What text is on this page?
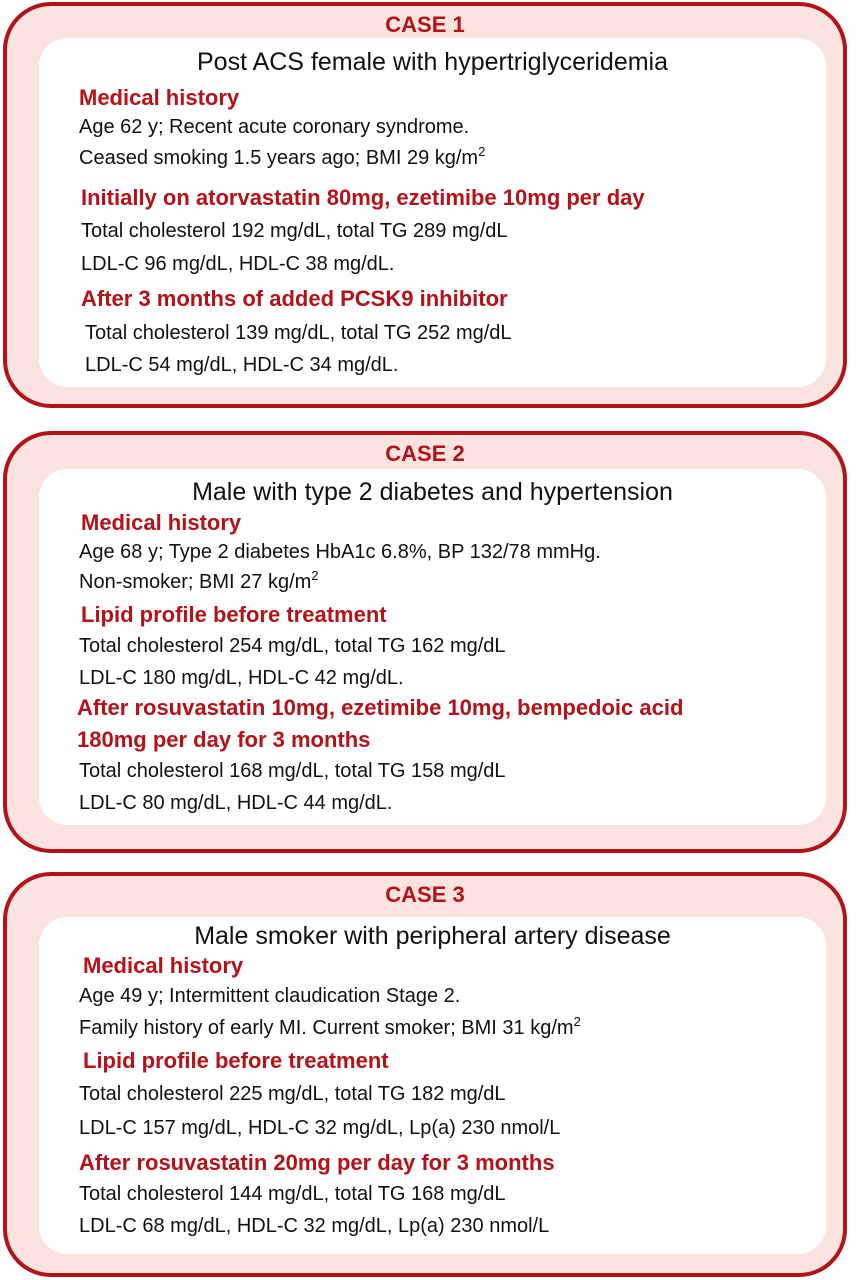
CASE 1
Post ACS female with hypertriglyceridemia
Medical history
Age 62 y; Recent acute coronary syndrome.
Ceased smoking 1.5 years ago; BMI 29 $kg/m^2$
Initially on atorvastatin 80mg, ezetimibe 10mg per day
Total cholesterol 192 mg/dL, total TG 289 mg/dL
LDL-C 96 mg/dL, HDL-C 38 mg/dL.
After 3 months of added PCSK9 inhibitor
Total cholesterol 139 mg/dL, total TG 252 mg/dL
LDL-C 54 mg/dL, HDL-C 34 mg/dL.
CASE 2
Male with type 2 diabetes and hypertension
Medical history
Age 68 y; Type 2 diabetes HbA1c 6.8%, BP 132/78 mmHg.
Non-smoker; BMI 27 $kg/m^2$
Lipid profile before treatment
Total cholesterol 254 mg/dL, total TG 162 mg/dL
LDL-C 180 mg/dL, HDL-C 42 mg/dL.
After rosuvastatin 10mg, ezetimibe 10mg, bempedoic acid
180mg per day for 3 months
Total cholesterol 168 mg/dL, total TG 158 mg/dL
LDL-C 80 mg/dL, HDL-C 44 mg/dL.
CASE 3
Male smoker with peripheral artery disease
Medical history
Age 49 y; Intermittent claudication Stage 2.
Family history of early MI. Current smoker; BMI 31 $kg/m^2$
Lipid profile before treatment
Total cholesterol 225 mg/dL, total TG 182 mg/dL
LDL-C 157 mg/dL, HDL-C 32 mg/dL, Lp(a) 230 nmol/L
After rosuvastatin 20mg per day for 3 months
Total cholesterol 144 mg/dL, total TG 168 mg/dL
LDL-C 68 mg/dL, HDL-C 32 mg/dL, Lp(a) 230 nmol/L
